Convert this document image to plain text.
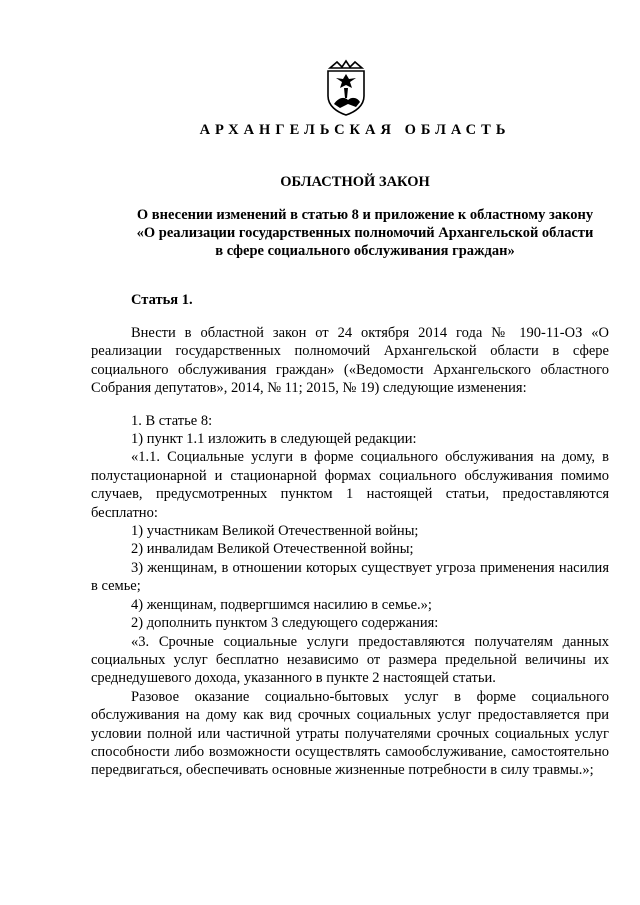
АРХАНГЕЛЬСКАЯ ОБЛАСТЬ
ОБЛАСТНОЙ ЗАКОН
О внесении изменений в статью 8 и приложение к областному закону
«О реализации государственных полномочий Архангельской области
в сфере социального обслуживания граждан»
Статья 1.

Внести в областной закон от 24 октября 2014 года № 190-11-ОЗ «О реализации государственных полномочий Архангельской области в сфере социального обслуживания граждан» («Ведомости Архангельского областного Собрания депутатов», 2014, № 11; 2015, № 19) следующие изменения:

1. В статье 8:

1) пункт 1.1 изложить в следующей редакции:

«1.1. Социальные услуги в форме социального обслуживания на дому, в полустационарной и стационарной формах социального обслуживания помимо случаев, предусмотренных пунктом 1 настоящей статьи, предоставляются бесплатно:

1) участникам Великой Отечественной войны;

2) инвалидам Великой Отечественной войны;

3) женщинам, в отношении которых существует угроза применения насилия в семье;

4) женщинам, подвергшимся насилию в семье.»;

2) дополнить пунктом 3 следующего содержания:

«3. Срочные социальные услуги предоставляются получателям данных социальных услуг бесплатно независимо от размера предельной величины их среднедушевого дохода, указанного в пункте 2 настоящей статьи.

Разовое оказание социально-бытовых услуг в форме социального обслуживания на дому как вид срочных социальных услуг предоставляется при условии полной или частичной утраты получателями срочных социальных услуг способности либо возможности осуществлять самообслуживание, самостоятельно передвигаться, обеспечивать основные жизненные потребности в силу травмы.»;
